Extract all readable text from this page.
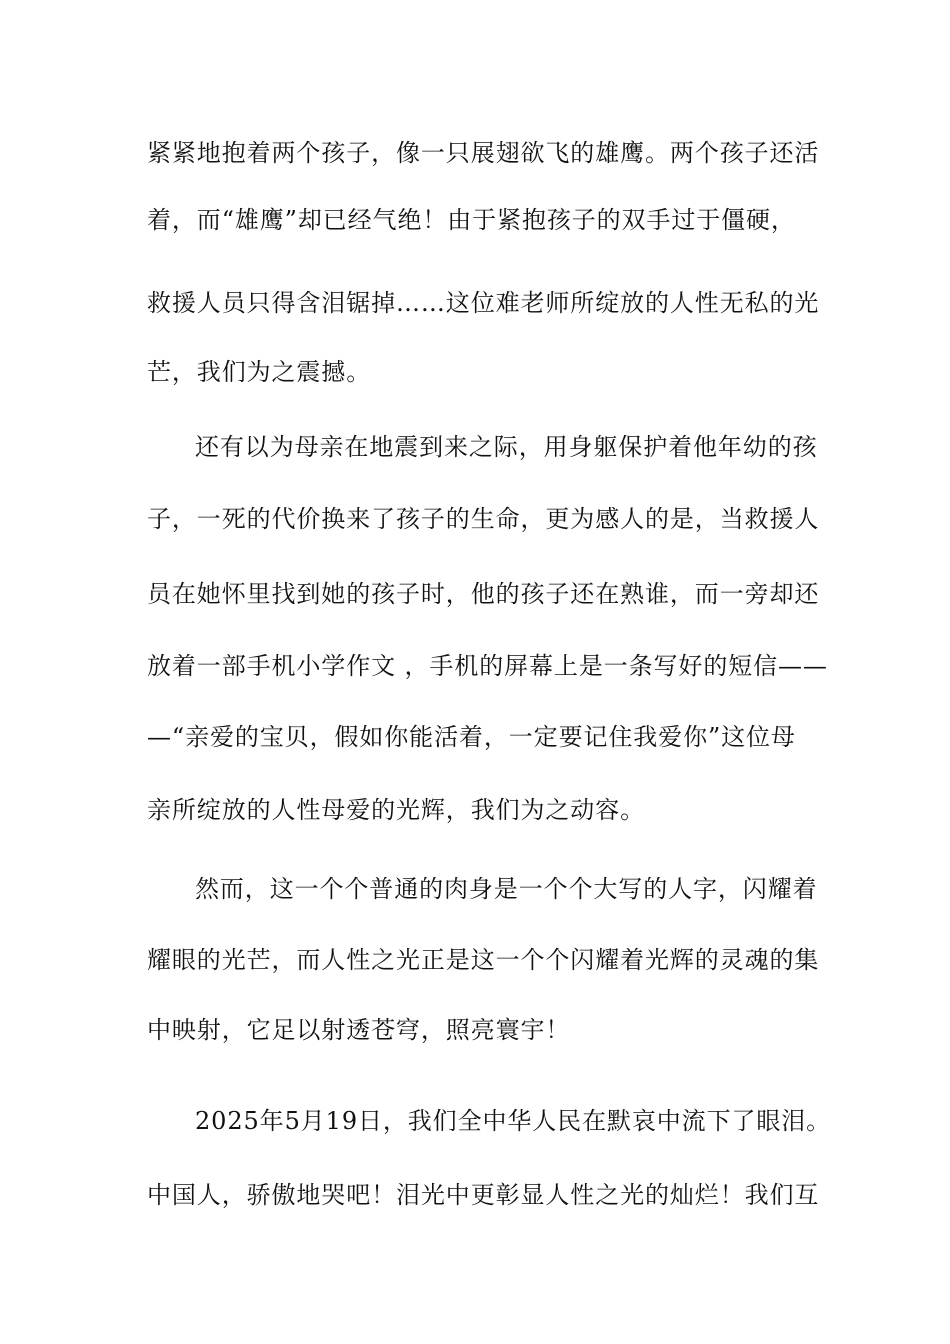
紧紧地抱着两个孩子，像一只展翅欲飞的雄鹰。两个孩子还活
着，而“雄鹰”却已经气绝！由于紧抱孩子的双手过于僵硬，
救援人员只得含泪锯掉……这位难老师所绽放的人性无私的光
芒，我们为之震撼。
还有以为母亲在地震到来之际，用身躯保护着他年幼的孩
子，一死的代价换来了孩子的生命，更为感人的是，当救援人
员在她怀里找到她的孩子时，他的孩子还在熟谁，而一旁却还
放着一部手机小学作文 ，手机的屏幕上是一条写好的短信——
—“亲爱的宝贝，假如你能活着，一定要记住我爱你”这位母
亲所绽放的人性母爱的光辉，我们为之动容。
然而，这一个个普通的肉身是一个个大写的人字，闪耀着
耀眼的光芒，而人性之光正是这一个个闪耀着光辉的灵魂的集
中映射，它足以射透苍穹，照亮寰宇！
2025年5月19日，我们全中华人民在默哀中流下了眼泪。
中国人，骄傲地哭吧！泪光中更彰显人性之光的灿烂！我们互
